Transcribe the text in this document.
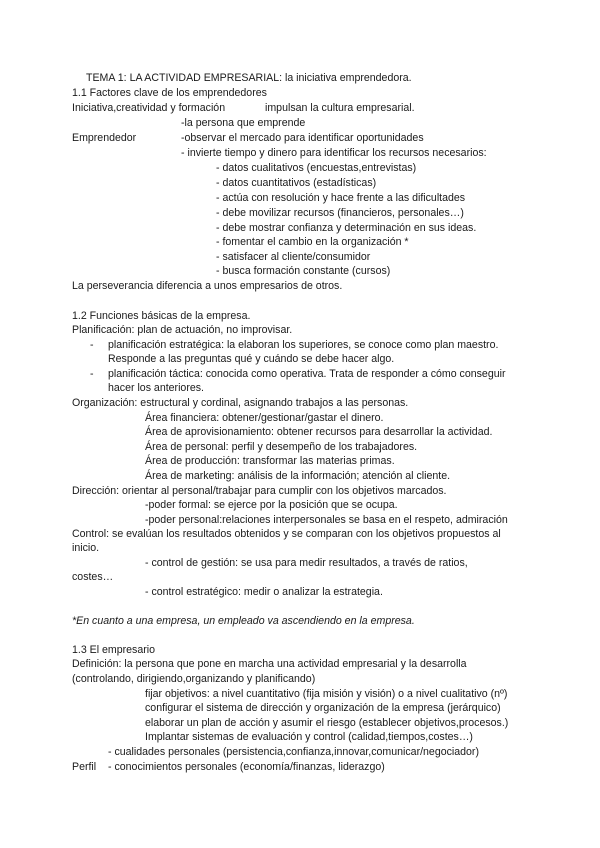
TEMA 1: LA ACTIVIDAD EMPRESARIAL: la iniciativa emprendedora.
1.1 Factores clave de los emprendedores
Iniciativa,creatividad y formación	impulsan la cultura empresarial.
-la persona que emprende
Emprendedor	-observar el mercado para identificar oportunidades
- invierte tiempo y dinero para identificar los recursos necesarios:
- datos cualitativos (encuestas,entrevistas)
- datos cuantitativos (estadísticas)
- actúa con resolución y hace frente a las dificultades
- debe movilizar recursos (financieros, personales…)
- debe mostrar confianza y determinación en sus ideas.
- fomentar el cambio en la organización *
- satisfacer al cliente/consumidor
- busca formación constante (cursos)
La perseverancia diferencia a unos empresarios de otros.
1.2 Funciones básicas de la empresa.
Planificación: plan de actuación, no improvisar.
- planificación estratégica: la elaboran los superiores, se conoce como plan maestro.
Responde a las preguntas qué y cuándo se debe hacer algo.
- planificación táctica: conocida como operativa. Trata de responder a cómo conseguir
hacer los anteriores.
Organización: estructural y cordinal, asignando trabajos a las personas.
Área financiera: obtener/gestionar/gastar el dinero.
Área de aprovisionamiento: obtener recursos para desarrollar la actividad.
Área de personal: perfil y desempeño de los trabajadores.
Área de producción: transformar las materias primas.
Área de marketing: análisis de la información; atención al cliente.
Dirección: orientar al personal/trabajar para cumplir con los objetivos marcados.
-poder formal: se ejerce por la posición que se ocupa.
-poder personal:relaciones interpersonales se basa en el respeto, admiración
Control: se evalúan los resultados obtenidos y se comparan con los objetivos propuestos al
inicio.
- control de gestión: se usa para medir resultados, a través de ratios,
costes…
- control estratégico: medir o analizar la estrategia.
*En cuanto a una empresa, un empleado va ascendiendo en la empresa.
1.3 El empresario
Definición: la persona que pone en marcha una actividad empresarial y la desarrolla
(controlando, dirigiendo,organizando y planificando)
fijar objetivos: a nivel cuantitativo (fija misión y visión) o a nivel cualitativo (nº)
configurar el sistema de dirección y organización de la empresa (jerárquico)
elaborar un plan de acción y asumir el riesgo (establecer objetivos,procesos.)
Implantar sistemas de evaluación y control (calidad,tiempos,costes…)
- cualidades personales (persistencia,confianza,innovar,comunicar/negociador)
Perfil - conocimientos personales (economía/finanzas, liderazgo)
